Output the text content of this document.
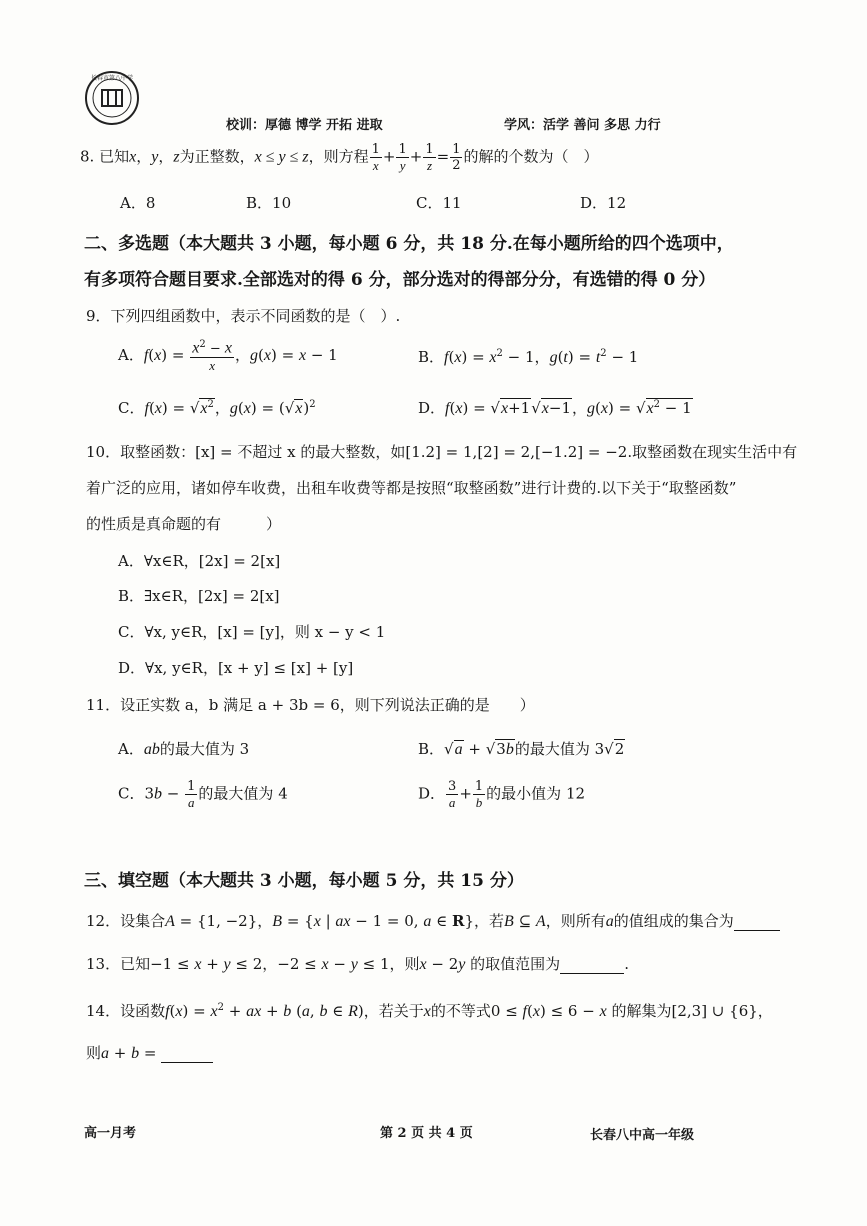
长春市第八中学
校训：厚德 博学 开拓 进取	学风：活学 善问 多思 力行
8. 已知x，y，z为正整数，x ≤ y ≤ z，则方程 $\frac{1}{x} + \frac{1}{y} + \frac{1}{z} = \frac{1}{2}$ 的解的个数为（　）
A．8	B．10	C．11	D．12
二、多选题（本大题共 3 小题，每小题 6 分，共 18 分.在每小题所给的四个选项中，
有多项符合题目要求.全部选对的得 6 分，部分选对的得部分分，有选错的得 0 分）
9．下列四组函数中，表示不同函数的是（　）.
A．$f(x) = \frac{x^2 - x}{x}$ ，g(x) = x − 1	B．$f(x) = x^2 - 1$，$g(t) = t^2 - 1$
C．$f(x) = √x^2$，$g(x) = (√x)^2$	D．f(x) = √x+1√x−1，$g(x) = √x^2 - 1$
10．取整函数：[x] = 不超过 x 的最大整数，如[1.2] = 1,[2] = 2,[−1.2] = −2.取整函数在现实生活中有
着广泛的应用，诸如停车收费，出租车收费等都是按照“取整函数”进行计费的.以下关于“取整函数”
的性质是真命题的有　　　）
A．∀x∈R，[2x] = 2[x]
B．∃x∈R，[2x] = 2[x]
C．∀x, y∈R，[x] = [y]，则 x − y < 1
D．∀x, y∈R，[x + y] ≤ [x] + [y]
11．设正实数 a，b 满足 a + 3b = 6，则下列说法正确的是　　）
A．ab的最大值为 3	B．√a + √3b的最大值为 3√2
C．$3b - \frac{1}{a}$ 的最大值为 4	D． $\frac{3}{a} + \frac{1}{b}$ 的最小值为 12
三、填空题（本大题共 3 小题，每小题 5 分，共 15 分）
12．设集合A = {1, −2}，B = {x | ax − 1 = 0, a ∈ R}，若B ⊆ A，则所有a的值组成的集合为
13．已知−1 ≤ x + y ≤ 2，−2 ≤ x − y ≤ 1，则x − 2y 的取值范围为	.
14．设函数$f(x) = x^2$ + ax + b (a, b ∈ R)，若关于x的不等式0 ≤ f(x) ≤ 6 − x 的解集为[2,3] ∪ {6}，
则a + b =
高一月考	第 2 页 共 4 页	长春八中高一年级
